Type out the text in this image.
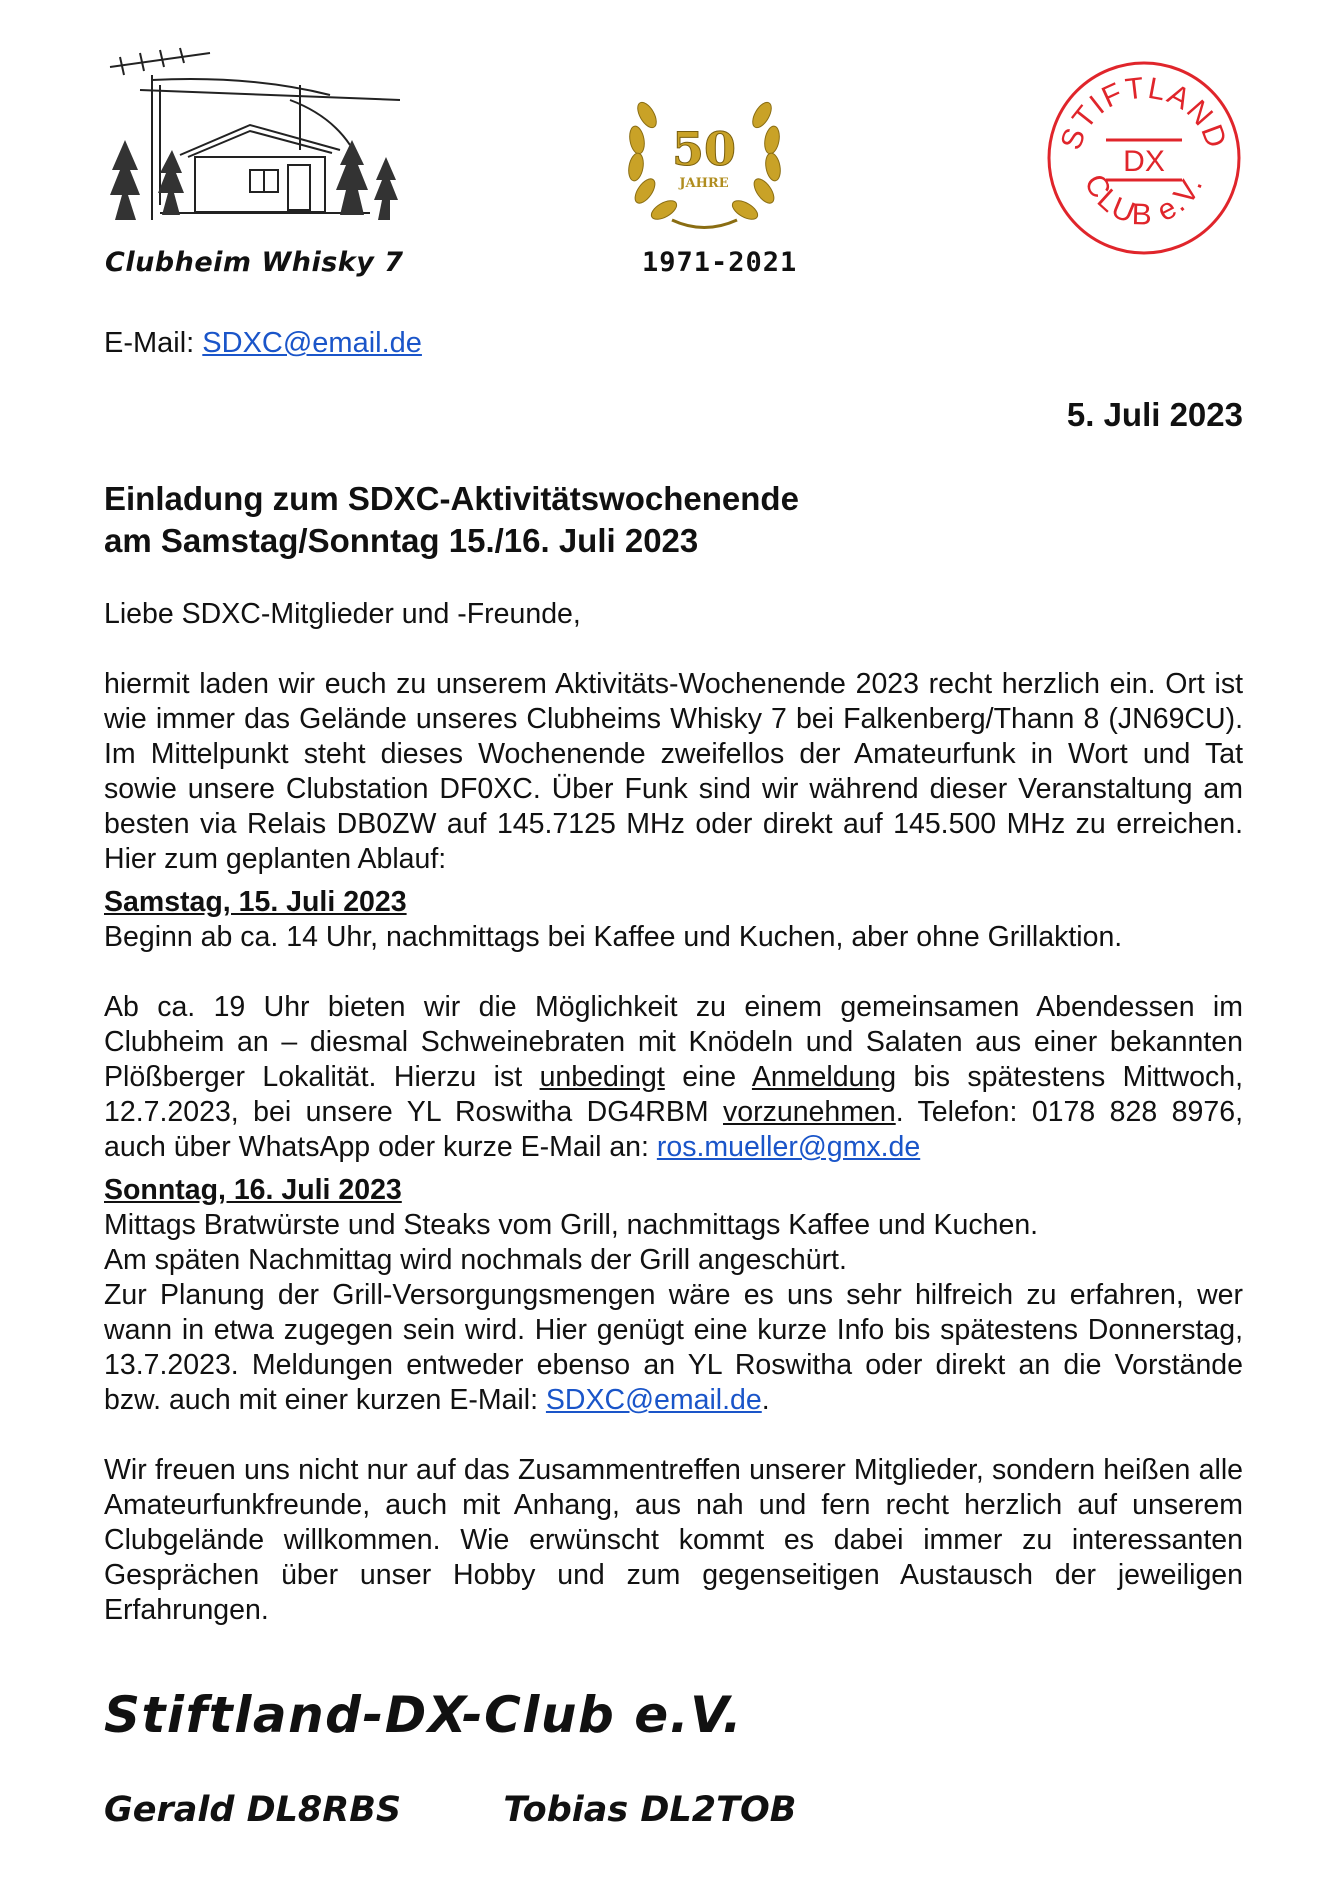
Clubheim Whisky 7
50
JAHRE
1971-2021
STIFTLAND
DX
CLUB e.V.
E-Mail: SDXC@email.de
5. Juli 2023
Einladung zum SDXC-Aktivitätswochenende
am Samstag/Sonntag 15./16. Juli 2023

Liebe SDXC-Mitglieder und -Freunde,

hiermit laden wir euch zu unserem Aktivitäts-Wochenende 2023 recht herzlich ein. Ort ist wie immer das Gelände unseres Clubheims Whisky 7 bei Falkenberg/Thann 8 (JN69CU). Im Mittelpunkt steht dieses Wochenende zweifellos der Amateurfunk in Wort und Tat sowie unsere Clubstation DF0XC. Über Funk sind wir während dieser Veranstaltung am besten via Relais DB0ZW auf 145.7125 MHz oder direkt auf 145.500 MHz zu erreichen. Hier zum geplanten Ablauf:

Samstag, 15. Juli 2023

Beginn ab ca. 14 Uhr, nachmittags bei Kaffee und Kuchen, aber ohne Grillaktion.

Ab ca. 19 Uhr bieten wir die Möglichkeit zu einem gemeinsamen Abendessen im Clubheim an – diesmal Schweinebraten mit Knödeln und Salaten aus einer bekannten Plößberger Lokalität. Hierzu ist unbedingt eine Anmeldung bis spätestens Mittwoch, 12.7.2023, bei unsere YL Roswitha DG4RBM vorzunehmen. Telefon: 0178 828 8976, auch über WhatsApp oder kurze E-Mail an: ros.mueller@gmx.de

Sonntag, 16. Juli 2023

Mittags Bratwürste und Steaks vom Grill, nachmittags Kaffee und Kuchen.

Am späten Nachmittag wird nochmals der Grill angeschürt.

Zur Planung der Grill-Versorgungsmengen wäre es uns sehr hilfreich zu erfahren, wer wann in etwa zugegen sein wird. Hier genügt eine kurze Info bis spätestens Donnerstag, 13.7.2023. Meldungen entweder ebenso an YL Roswitha oder direkt an die Vorstände bzw. auch mit einer kurzen E-Mail: SDXC@email.de.

Wir freuen uns nicht nur auf das Zusammentreffen unserer Mitglieder, sondern heißen alle Amateurfunkfreunde, auch mit Anhang, aus nah und fern recht herzlich auf unserem Clubgelände willkommen. Wie erwünscht kommt es dabei immer zu interessanten Gesprächen über unser Hobby und zum gegenseitigen Austausch der jeweiligen Erfahrungen.

Stiftland-DX-Club e.V.
Gerald DL8RBS	Tobias DL2TOB
